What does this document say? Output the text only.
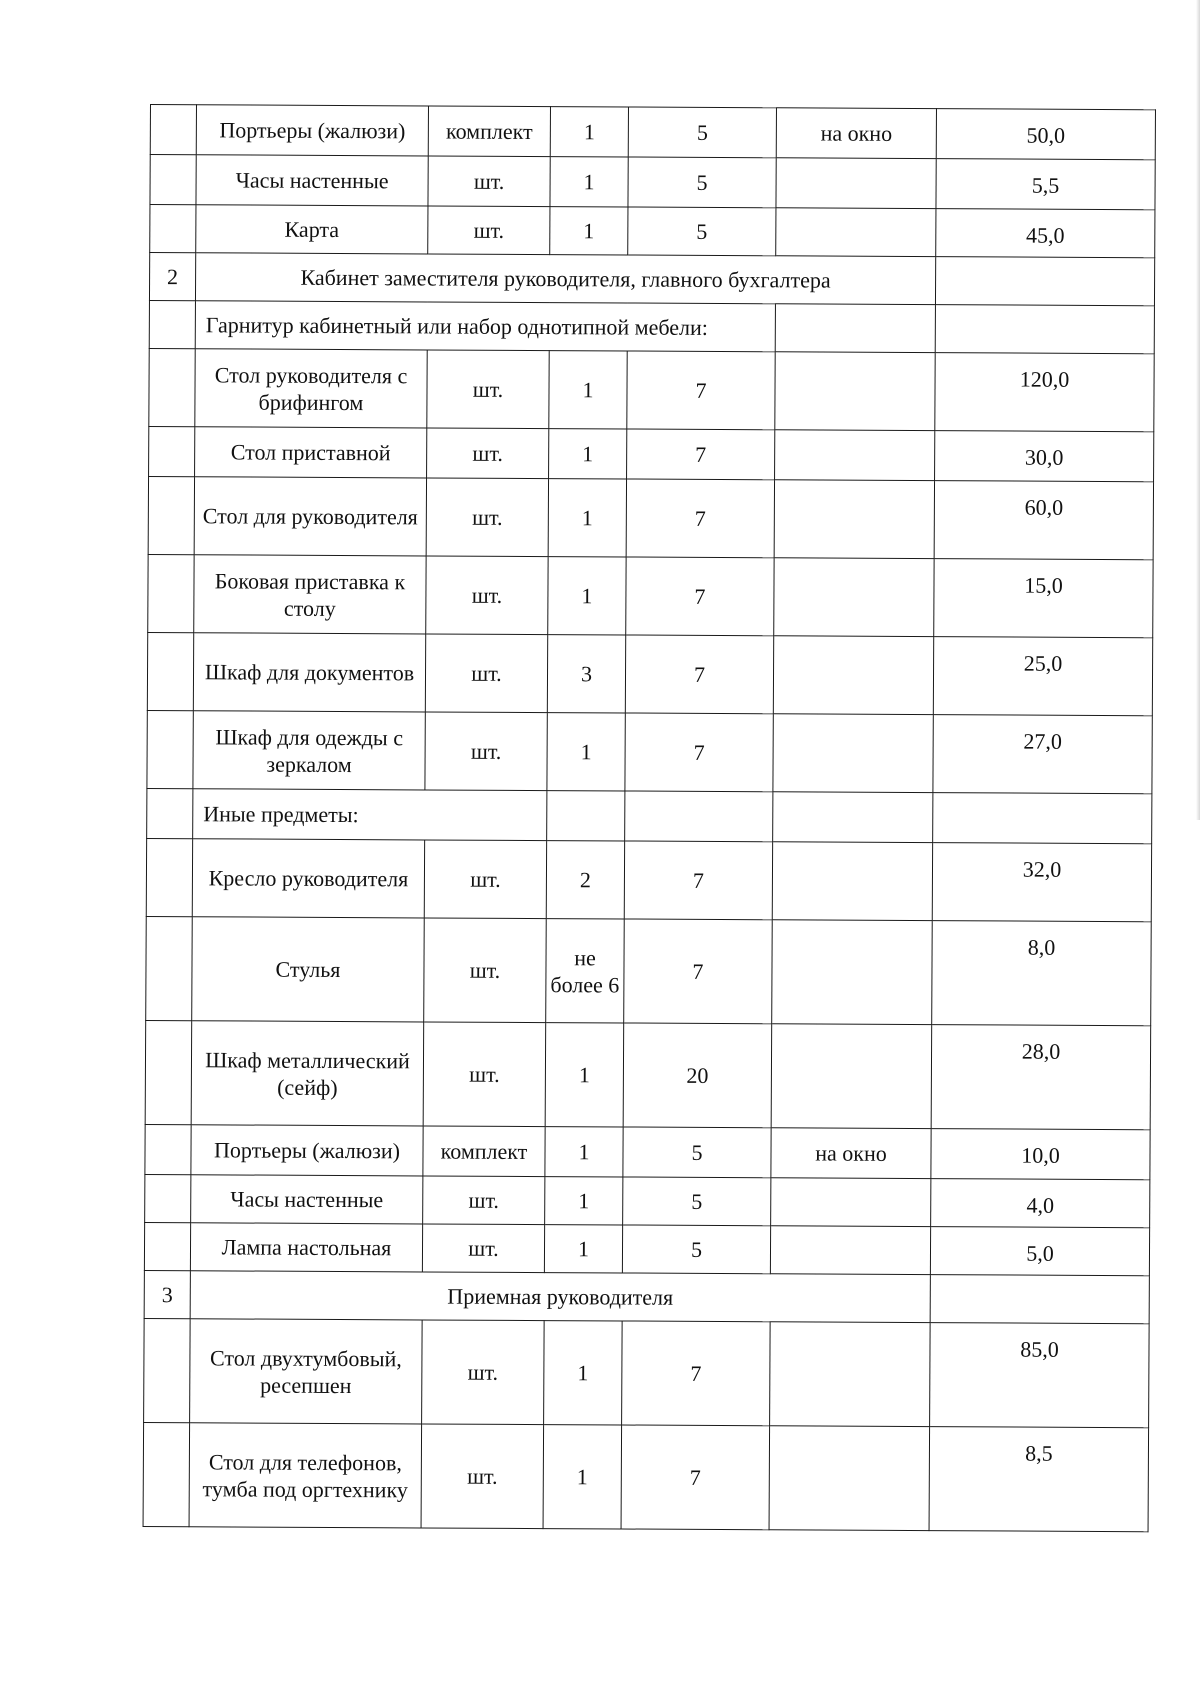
	Портьеры (жалюзи)	комплект	1	5	на окно	50,0
	Часы настенные	шт.	1	5		5,5
	Карта	шт.	1	5		45,0
2	Кабинет заместителя руководителя, главного бухгалтера					
	Гарнитур кабинетный или набор однотипной мебели:					
	Стол руководителя с брифингом	шт.	1	7		120,0
	Стол приставной	шт.	1	7		30,0
	Стол для руководителя	шт.	1	7		60,0
	Боковая приставка к столу	шт.	1	7		15,0
	Шкаф для документов	шт.	3	7		25,0
	Шкаф для одежды с зеркалом	шт.	1	7		27,0
	Иные предметы:					
	Кресло руководителя	шт.	2	7		32,0
	Стулья	шт.	не более 6	7		8,0
	Шкаф металлический (сейф)	шт.	1	20		28,0
	Портьеры (жалюзи)	комплект	1	5	на окно	10,0
	Часы настенные	шт.	1	5		4,0
	Лампа настольная	шт.	1	5		5,0
3	Приемная руководителя					
	Стол двухтумбовый, ресепшен	шт.	1	7		85,0
	Стол для телефонов, тумба под оргтехнику	шт.	1	7		8,5
